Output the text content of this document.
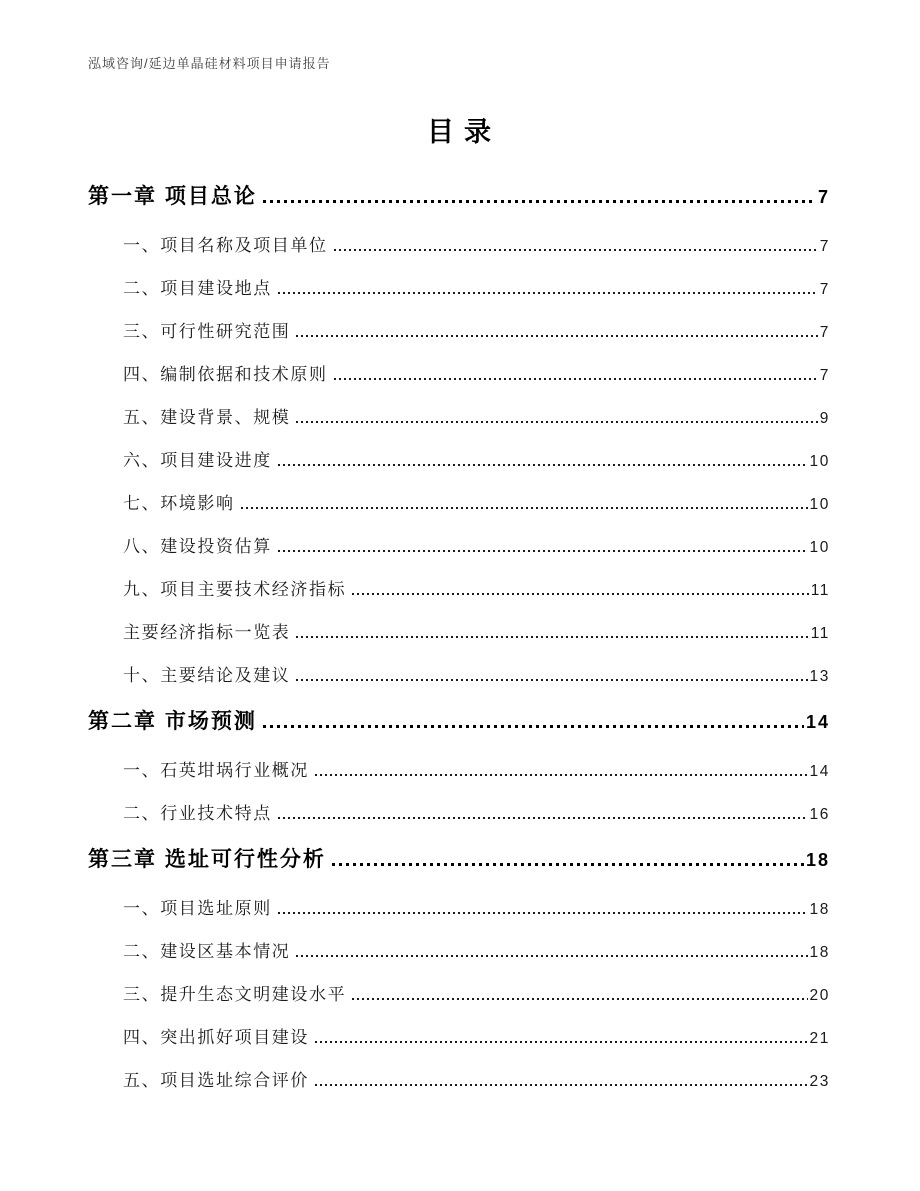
泓域咨询/延边单晶硅材料项目申请报告
目录
第一章 项目总论	7
一、项目名称及项目单位	7
二、项目建设地点	7
三、可行性研究范围	7
四、编制依据和技术原则	7
五、建设背景、规模	9
六、项目建设进度	10
七、环境影响	10
八、建设投资估算	10
九、项目主要技术经济指标	11
主要经济指标一览表	11
十、主要结论及建议	13
第二章 市场预测	14
一、石英坩埚行业概况	14
二、行业技术特点	16
第三章 选址可行性分析	18
一、项目选址原则	18
二、建设区基本情况	18
三、提升生态文明建设水平	20
四、突出抓好项目建设	21
五、项目选址综合评价	23
